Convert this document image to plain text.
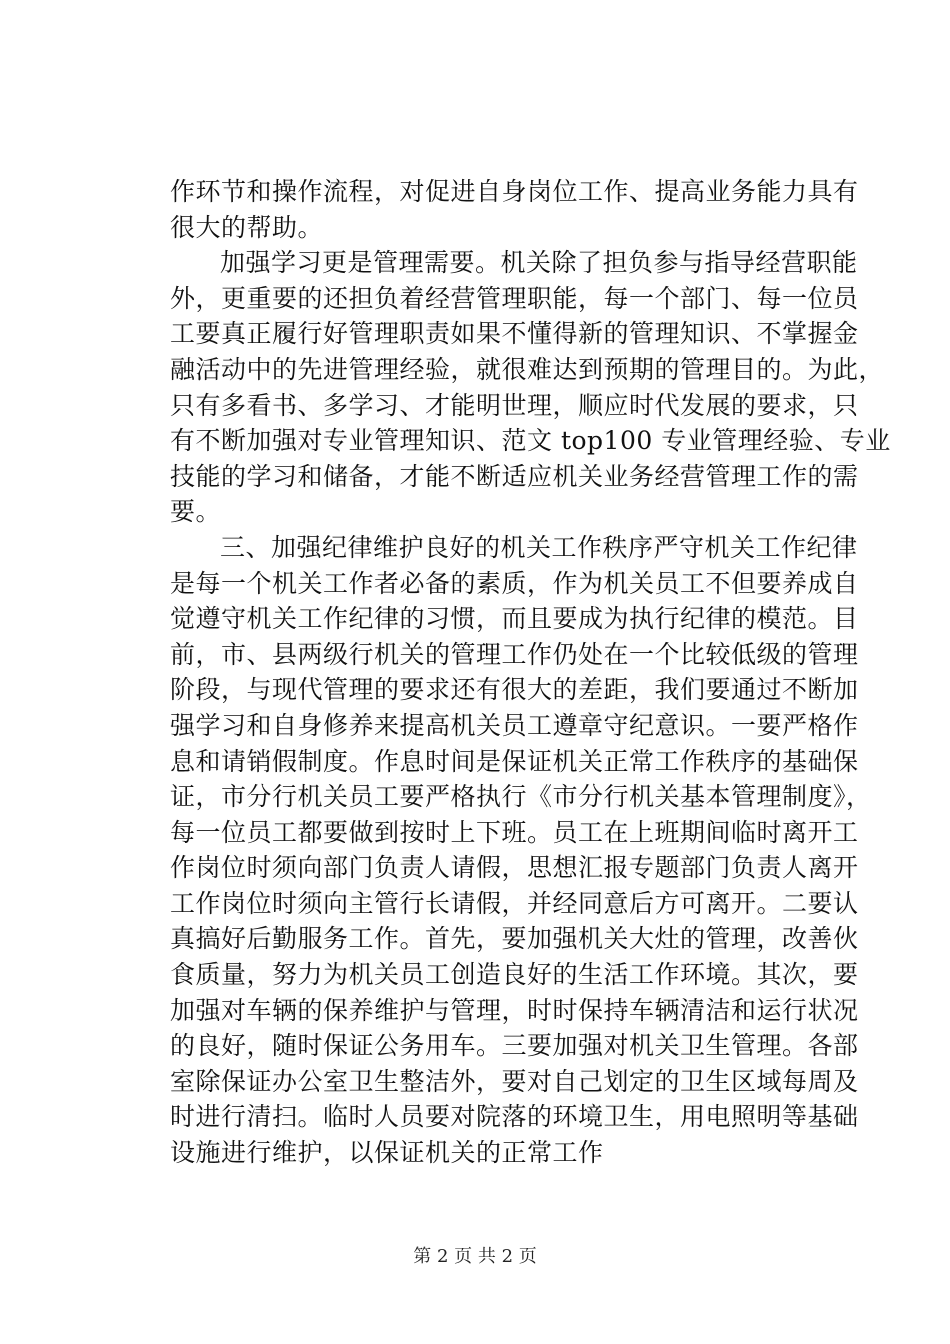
作环节和操作流程，对促进自身岗位工作、提高业务能力具有
很大的帮助。
加强学习更是管理需要。机关除了担负参与指导经营职能
外，更重要的还担负着经营管理职能，每一个部门、每一位员
工要真正履行好管理职责如果不懂得新的管理知识、不掌握金
融活动中的先进管理经验，就很难达到预期的管理目的。为此，
只有多看书、多学习、才能明世理，顺应时代发展的要求，只
有不断加强对专业管理知识、范文 top100 专业管理经验、专业
技能的学习和储备，才能不断适应机关业务经营管理工作的需
要。
三、加强纪律维护良好的机关工作秩序严守机关工作纪律
是每一个机关工作者必备的素质，作为机关员工不但要养成自
觉遵守机关工作纪律的习惯，而且要成为执行纪律的模范。目
前，市、县两级行机关的管理工作仍处在一个比较低级的管理
阶段，与现代管理的要求还有很大的差距，我们要通过不断加
强学习和自身修养来提高机关员工遵章守纪意识。一要严格作
息和请销假制度。作息时间是保证机关正常工作秩序的基础保
证，市分行机关员工要严格执行《市分行机关基本管理制度》，
每一位员工都要做到按时上下班。员工在上班期间临时离开工
作岗位时须向部门负责人请假，思想汇报专题部门负责人离开
工作岗位时须向主管行长请假，并经同意后方可离开。二要认
真搞好后勤服务工作。首先，要加强机关大灶的管理，改善伙
食质量，努力为机关员工创造良好的生活工作环境。其次，要
加强对车辆的保养维护与管理，时时保持车辆清洁和运行状况
的良好，随时保证公务用车。三要加强对机关卫生管理。各部
室除保证办公室卫生整洁外，要对自己划定的卫生区域每周及
时进行清扫。临时人员要对院落的环境卫生，用电照明等基础
设施进行维护，以保证机关的正常工作
第 2 页 共 2 页
